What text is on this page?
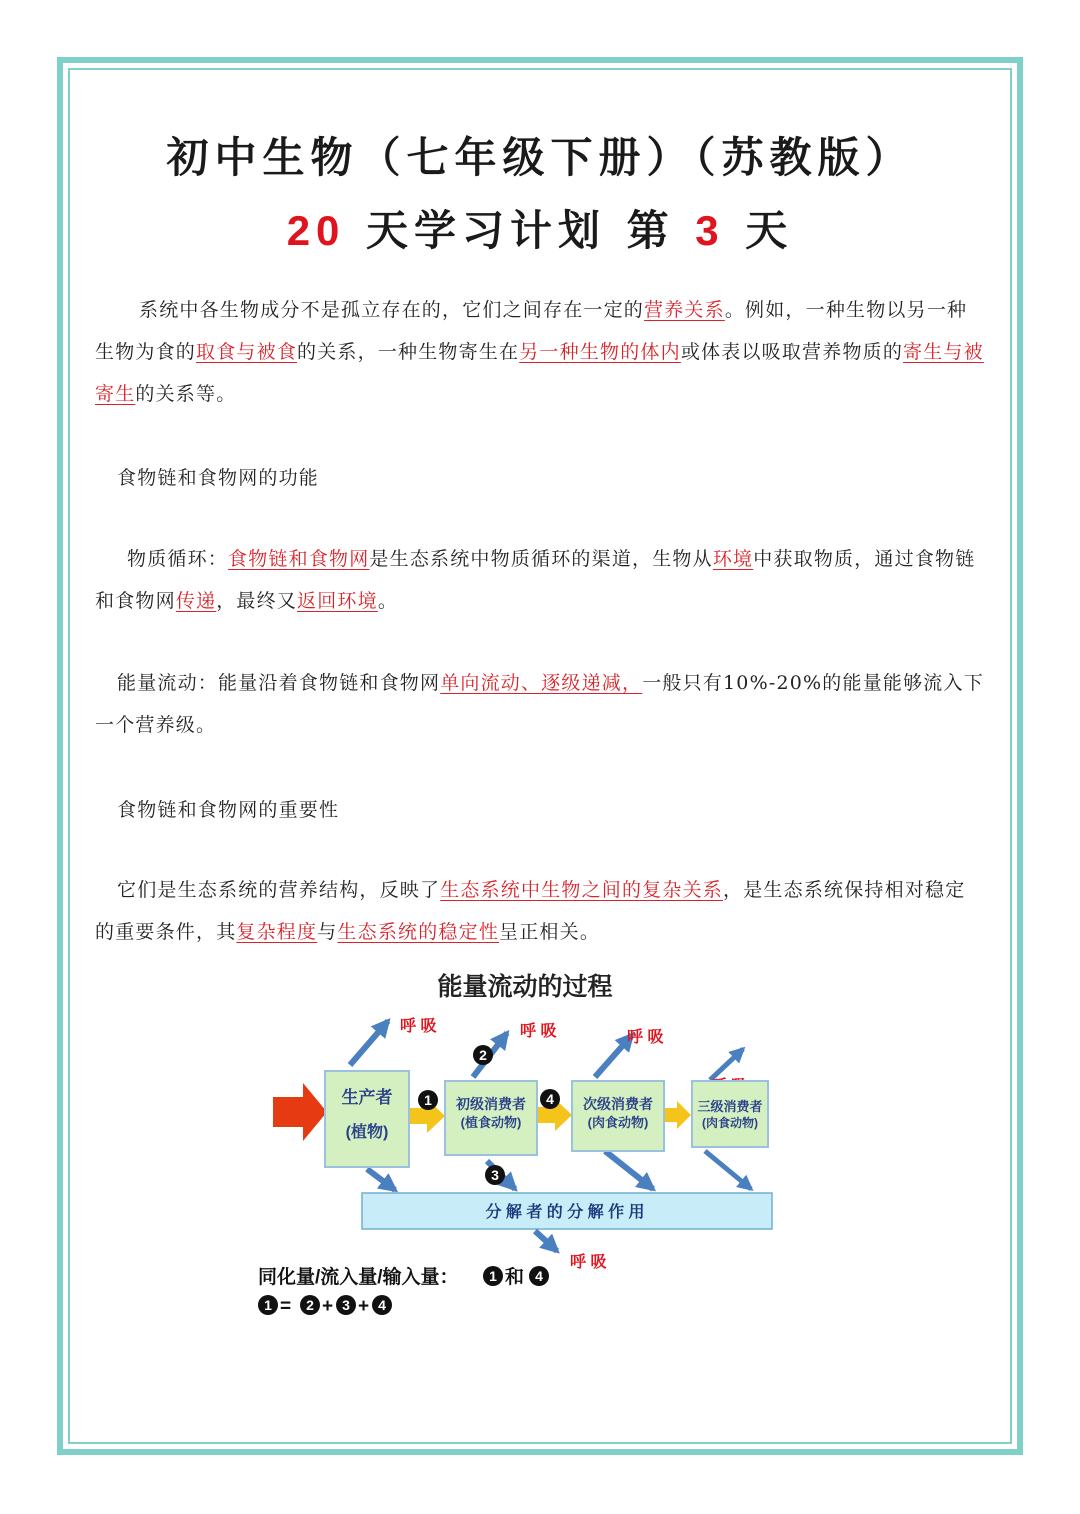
初中生物（七年级下册）（苏教版）
20 天学习计划 第 3 天
系统中各生物成分不是孤立存在的，它们之间存在一定的营养关系。例如，一种生物以另一种生物为食的取食与被食的关系，一种生物寄生在另一种生物的体内或体表以吸取营养物质的寄生与被寄生的关系等。
食物链和食物网的功能
物质循环：食物链和食物网是生态系统中物质循环的渠道，生物从环境中获取物质，通过食物链和食物网传递，最终又返回环境。
能量流动：能量沿着食物链和食物网单向流动、逐级递减，一般只有10%-20%的能量能够流入下一个营养级。
食物链和食物网的重要性
它们是生态系统的营养结构，反映了生态系统中生物之间的复杂关系，是生态系统保持相对稳定的重要条件，其复杂程度与生态系统的稳定性呈正相关。
能量流动的过程
分 解 者 的 分 解 作 用
呼 吸	呼 吸	呼 吸
呼 吸
生产者
(植物)
初级消费者
(植食动物)
次级消费者
(肉食动物)
三级消费者
(肉食动物)
1
2
3
4
同化量/流入量/输入量： 1 和 4
1 = 2 + 3 + 4
